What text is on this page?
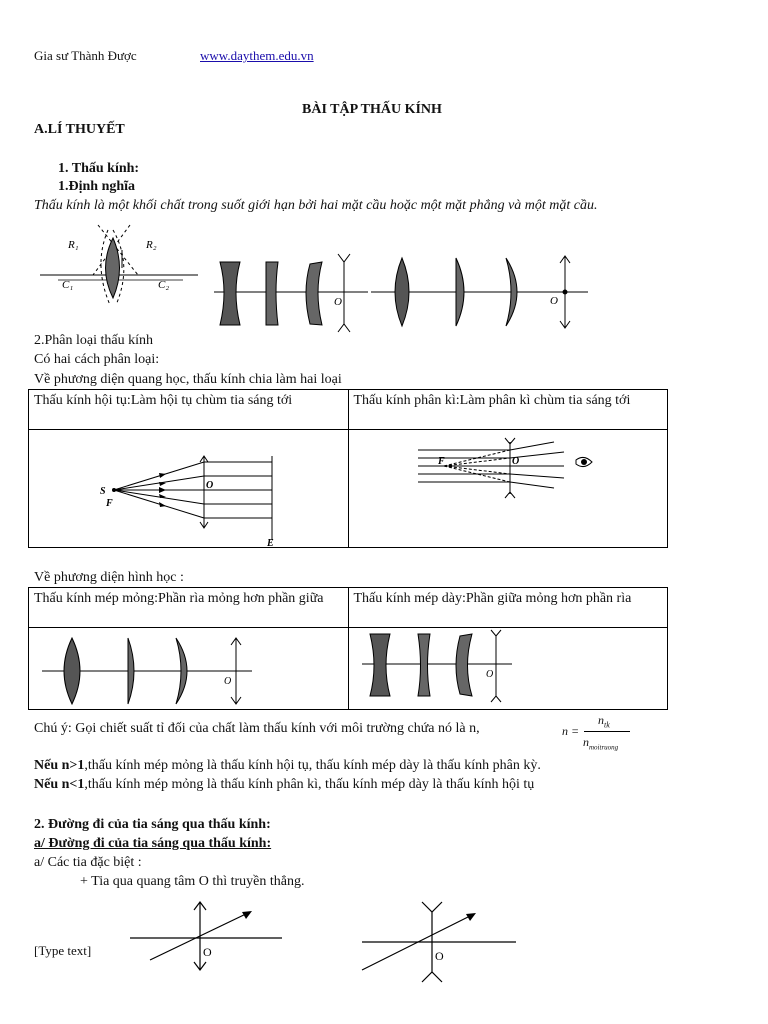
Gia sư Thành Được	www.daythem.edu.vn
BÀI TẬP THẤU KÍNH
A.LÍ THUYẾT
1. Thấu kính:
1.Định nghĩa
Thấu kính là một khối chất trong suốt giới hạn bởi hai mặt cầu hoặc một mặt phẳng và một mặt cầu.
R₁	R₂
C₁	C₂
O	O
2.Phân loại thấu kính
Có hai cách phân loại:
Về phương diện quang học, thấu kính chia làm hai loại
Thấu kính hội tụ:Làm hội tụ chùm tia sáng tới	Thấu kính phân kì:Làm phân kì chùm tia sáng tới

S
F
O
E
F	O
Về phương diện hình học :
Thấu kính mép mỏng:Phần rìa mỏng hơn phần giữa	Thấu kính mép dày:Phần giữa mỏng hơn phần rìa

O
O
Chú ý: Gọi chiết suất tỉ đối của chất làm thấu kính với môi trường chứa nó là n,	n =
$n_{tk}$
$n_{moitruong}$
Nếu n>1,thấu kính mép mỏng là thấu kính hội tụ, thấu kính mép dày là thấu kính phân kỳ.
Nếu n<1,thấu kính mép mỏng là thấu kính phân kì, thấu kính mép dày là thấu kính hội tụ
2. Đường đi của tia sáng qua thấu kính:
a/ Đường đi của tia sáng qua thấu kính:
a/ Các tia đặc biệt :
+ Tia qua quang tâm O thì truyền thẳng.
O	O
[Type text]
